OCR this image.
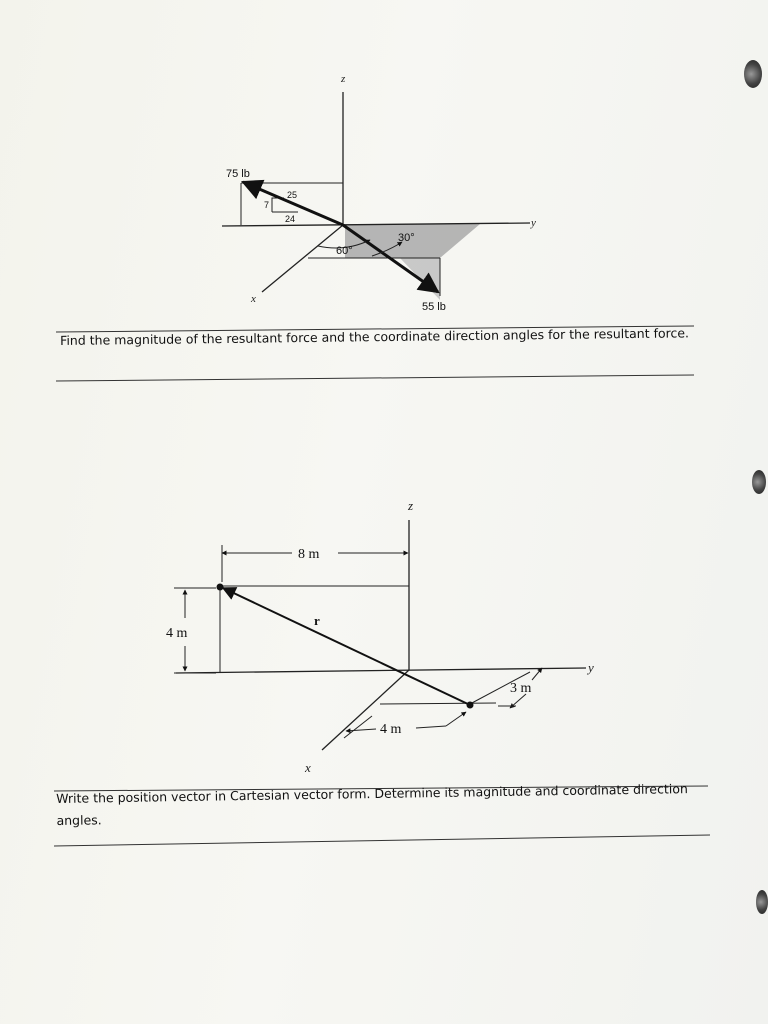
z
y
x
75 lb
55 lb
25
7
24
30°
60°
z
y
x
8 m
4 m
r
3 m
4 m
Find the magnitude of the resultant force and the coordinate direction angles for the resultant force.
Write the position vector in Cartesian vector form. Determine its magnitude and coordinate direction angles.
